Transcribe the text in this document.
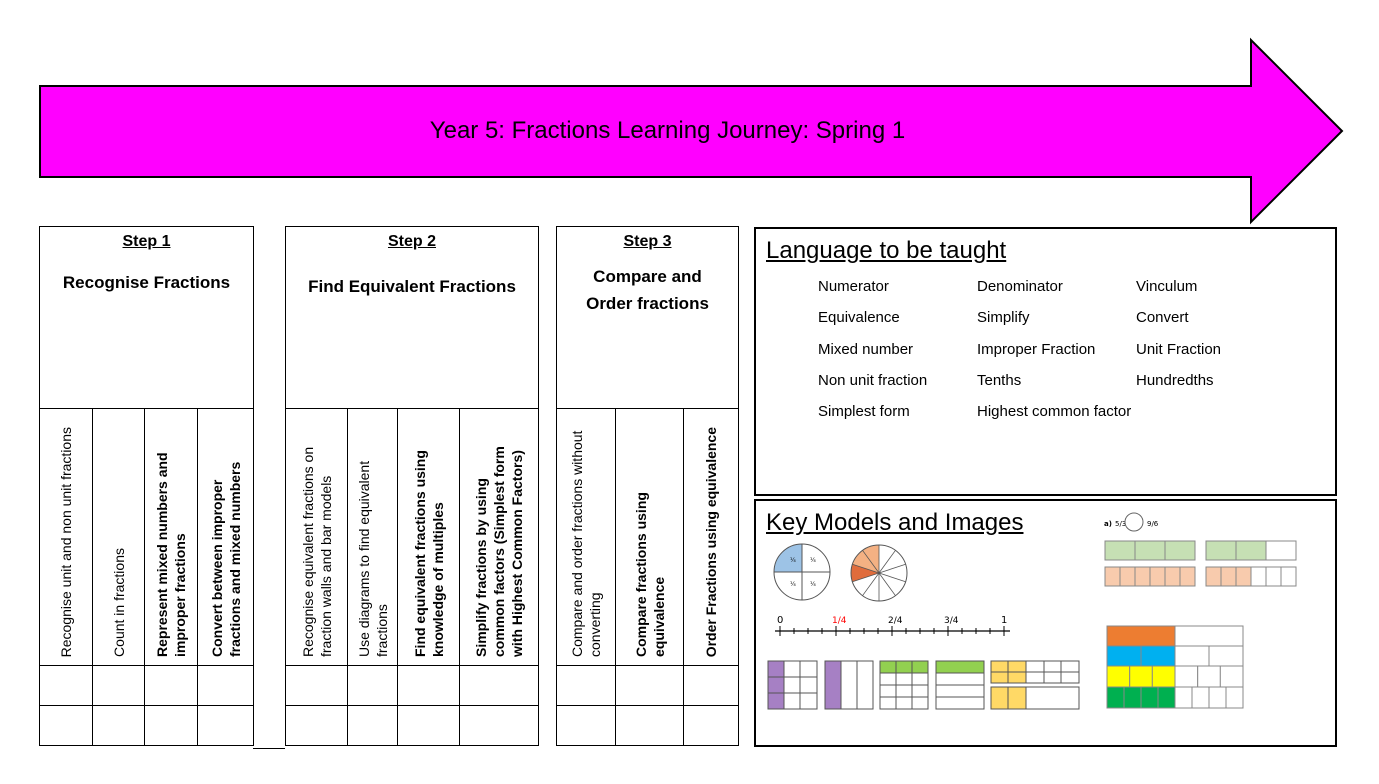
Year 5: Fractions Learning Journey: Spring 1
Step 1
Recognise Fractions			

Recognise unit and non unit fractions	Count in fractions	Represent mixed numbers and improper fractions	Convert between improper fractions and mixed numbers

Step 2
Find Equivalent Fractions			

Recognise equivalent fractions on fraction walls and bar models	Use diagrams to find equivalent fractions	Find equivalent fractions using knowledge of multiples	Simplify fractions by using common factors (Simplest form with Highest Common Factors)

Step 3
Compare and Order fractions		

Compare and order fractions without converting	Compare fractions using equivalence	Order Fractions using equivalence

Language to be taught
Numerator	Denominator	Vinculum
Equivalence	Simplify	Convert
Mixed number	Improper Fraction	Unit Fraction
Non unit fraction	Tenths	Hundredths
Simplest form	Highest common factor
Key Models and Images
¼ ¼
¼ ¼
0	1/4	2/4	3/4	1
a) 5/3	9/6
